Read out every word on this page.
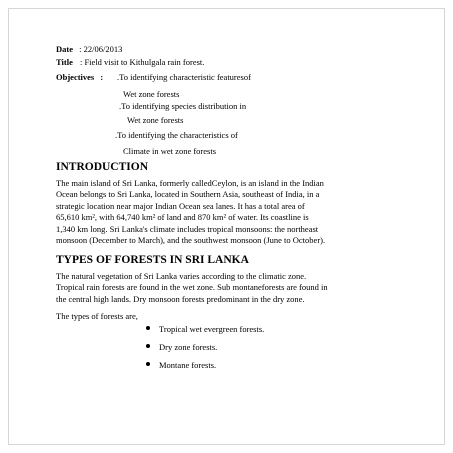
Date : 22/06/2013
Title : Field visit to Kithulgala rain forest.
Objectives : .To identifying characteristic featuresof
Wet zone forests
.To identifying species distribution in
Wet zone forests
.To identifying the characteristics of
Climate in wet zone forests
INTRODUCTION
The main island of Sri Lanka, formerly calledCeylon, is an island in the Indian
Ocean belongs to Sri Lanka, located in Southern Asia, southeast of India, in a
strategic location near major Indian Ocean sea lanes. It has a total area of
65,610 km², with 64,740 km² of land and 870 km² of water. Its coastline is
1,340 km long. Sri Lanka's climate includes tropical monsoons: the northeast
monsoon (December to March), and the southwest monsoon (June to October).
TYPES OF FORESTS IN SRI LANKA
The natural vegetation of Sri Lanka varies according to the climatic zone.
Tropical rain forests are found in the wet zone. Sub montaneforests are found in
the central high lands. Dry monsoon forests predominant in the dry zone.
The types of forests are,
Tropical wet evergreen forests.
Dry zone forests.
Montane forests.
